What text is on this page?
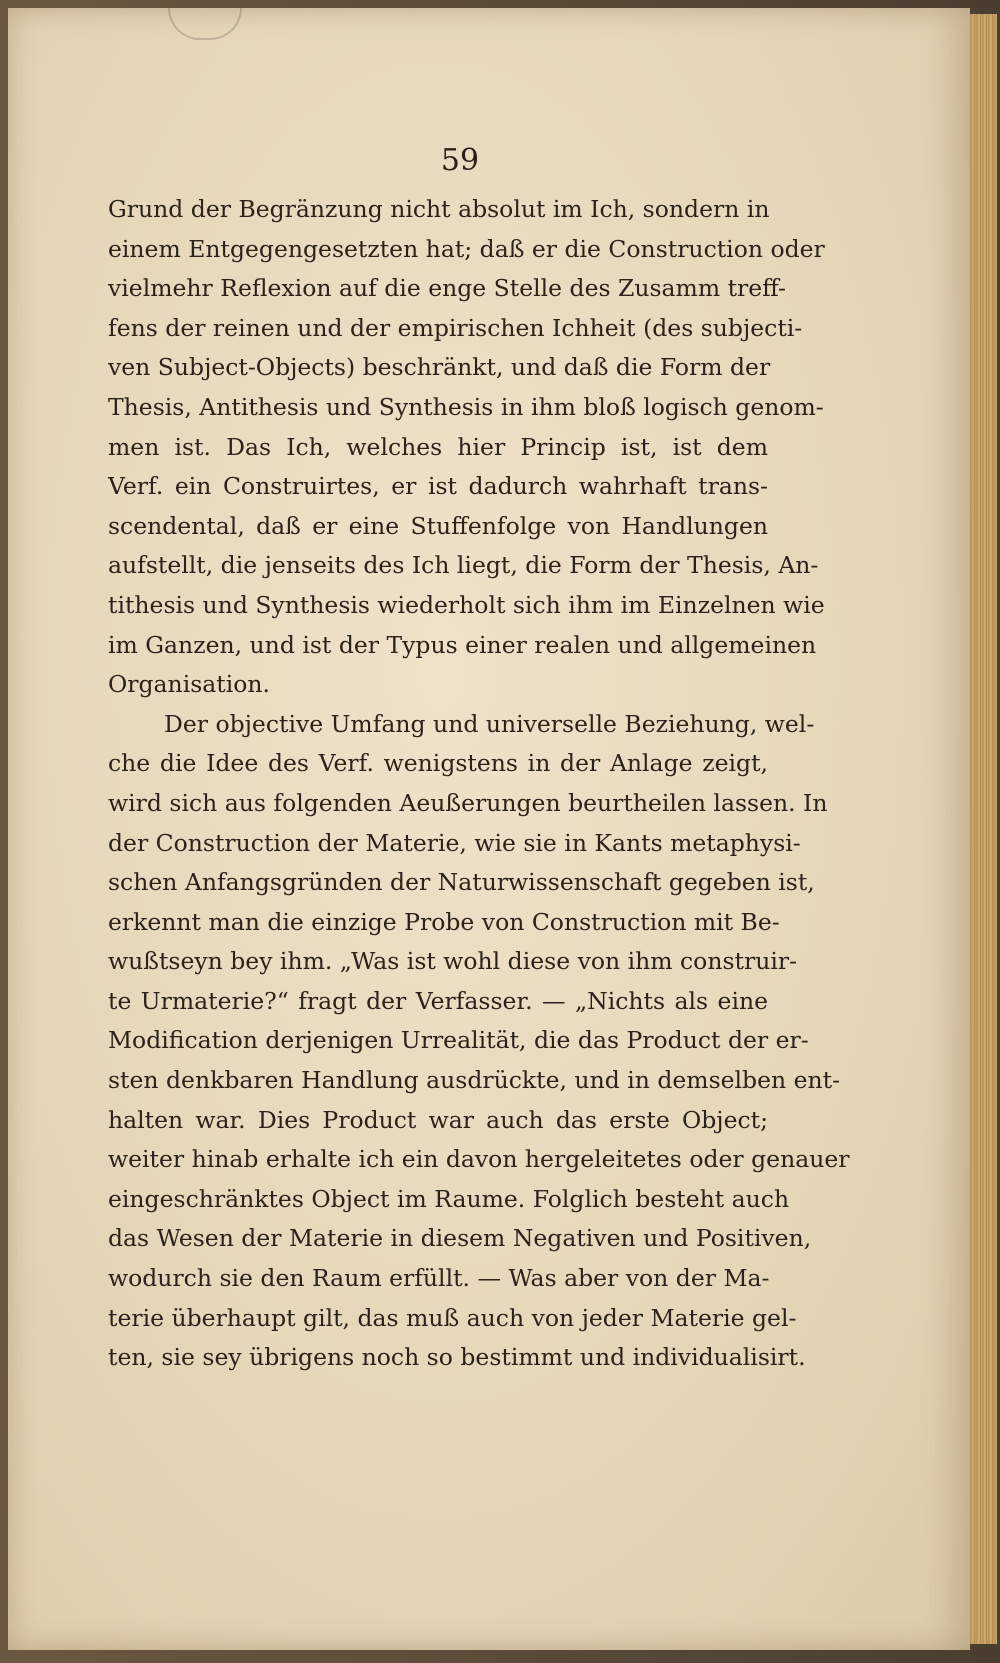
59
Grund der Begränzung nicht absolut im Ich, sondern in
einem Entgegengesetzten hat; daß er die Construction oder
vielmehr Reflexion auf die enge Stelle des Zusamm treff-
fens der reinen und der empirischen Ichheit (des subjecti-
ven Subject-Objects) beschränkt, und daß die Form der
Thesis, Antithesis und Synthesis in ihm bloß logisch genom-
men ist. Das Ich, welches hier Princip ist, ist dem
Verf. ein Construirtes, er ist dadurch wahrhaft trans-
scendental, daß er eine Stuffenfolge von Handlungen
aufstellt, die jenseits des Ich liegt, die Form der Thesis, An-
tithesis und Synthesis wiederholt sich ihm im Einzelnen wie
im Ganzen, und ist der Typus einer realen und allgemeinen
Organisation.
Der objective Umfang und universelle Beziehung, wel-
che die Idee des Verf. wenigstens in der Anlage zeigt,
wird sich aus folgenden Aeußerungen beurtheilen lassen. In
der Construction der Materie, wie sie in Kants metaphysi-
schen Anfangsgründen der Naturwissenschaft gegeben ist,
erkennt man die einzige Probe von Construction mit Be-
wußtseyn bey ihm. „Was ist wohl diese von ihm construir-
te Urmaterie?“ fragt der Verfasser. — „Nichts als eine
Modification derjenigen Urrealität, die das Product der er-
sten denkbaren Handlung ausdrückte, und in demselben ent-
halten war. Dies Product war auch das erste Object;
weiter hinab erhalte ich ein davon hergeleitetes oder genauer
eingeschränktes Object im Raume. Folglich besteht auch
das Wesen der Materie in diesem Negativen und Positiven,
wodurch sie den Raum erfüllt. — Was aber von der Ma-
terie überhaupt gilt, das muß auch von jeder Materie gel-
ten, sie sey übrigens noch so bestimmt und individualisirt.
